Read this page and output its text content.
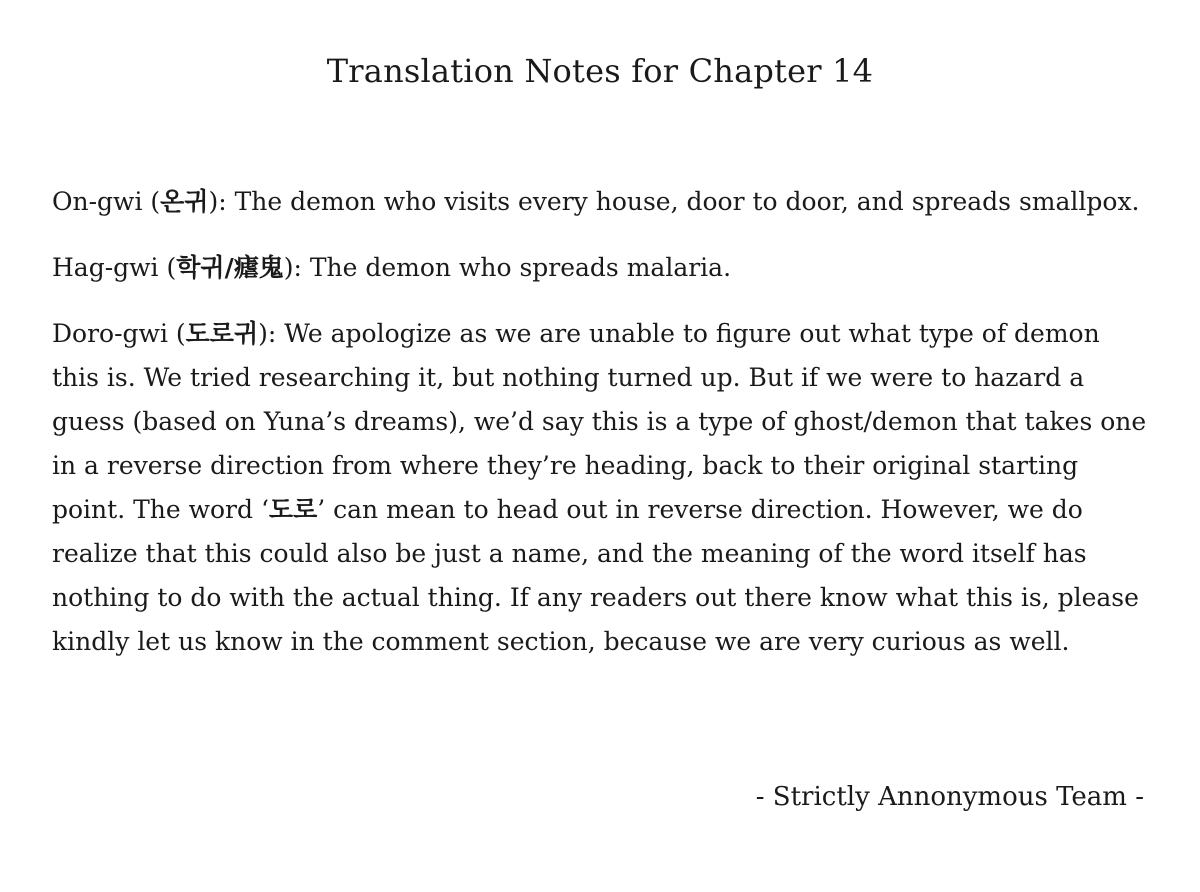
Translation Notes for Chapter 14

On-gwi (온귀): The demon who visits every house, door to door, and spreads smallpox.

Hag-gwi (학귀/瘧鬼): The demon who spreads malaria.

Doro-gwi (도로귀): We apologize as we are unable to figure out what type of demon this is. We tried researching it, but nothing turned up. But if we were to hazard a guess (based on Yuna’s dreams), we’d say this is a type of ghost/demon that takes one in a reverse direction from where they’re heading, back to their original starting point. The word ‘도로’ can mean to head out in reverse direction. However, we do realize that this could also be just a name, and the meaning of the word itself has nothing to do with the actual thing. If any readers out there know what this is, please kindly let us know in the comment section, because we are very curious as well.

- Strictly Annonymous Team -
